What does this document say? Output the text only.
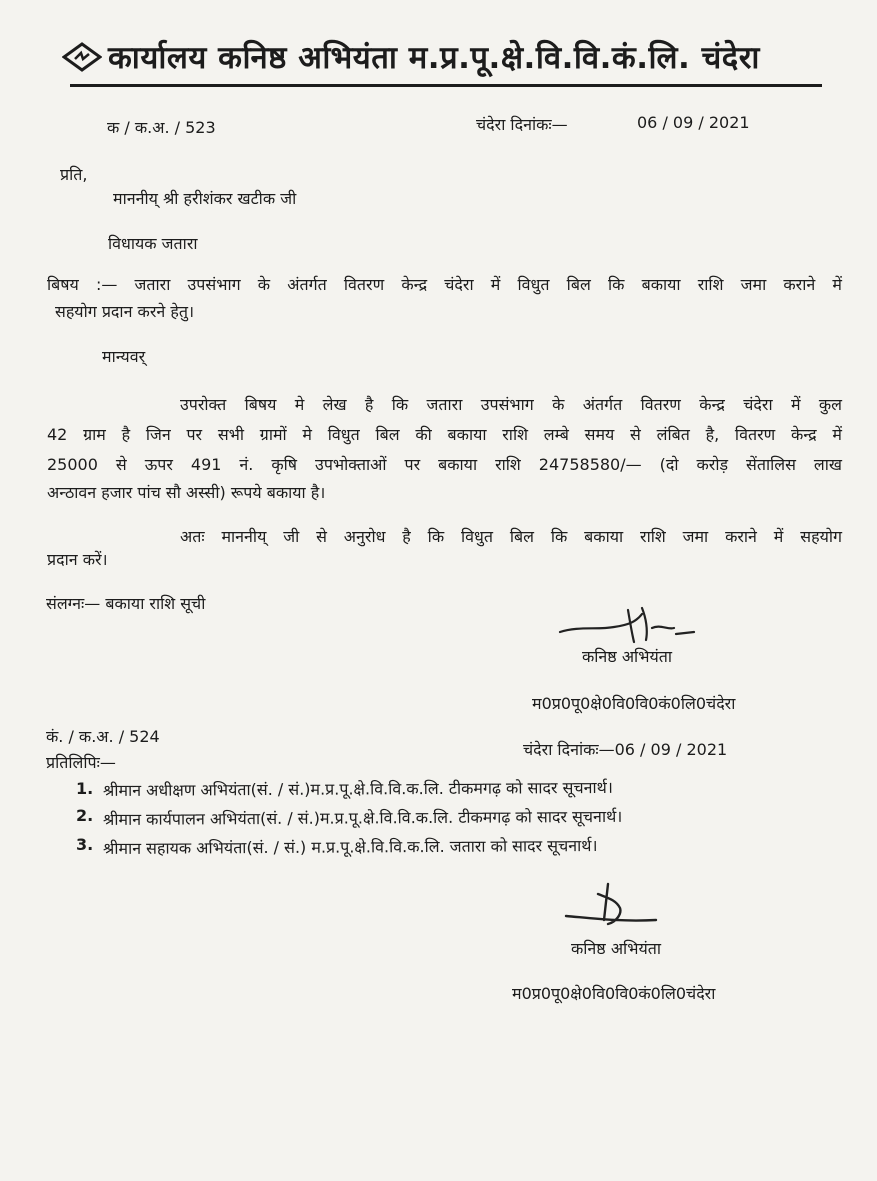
कार्यालय कनिष्ठ अभियंता म.प्र.पू.क्षे.वि.वि.कं.लि. चंदेरा
क / क.अ. / 523	चंदेरा दिनांकः—	06 / 09 / 2021
प्रति,
माननीय् श्री हरीशंकर खटीक जी
विधायक जतारा
बिषय :— जतारा उपसंभाग के अंतर्गत वितरण केन्द्र चंदेरा में विधुत बिल कि बकाया राशि जमा कराने में
सहयोग प्रदान करने हेतु।
मान्यवर्
उपरोक्त बिषय मे लेख है कि जतारा उपसंभाग के अंतर्गत वितरण केन्द्र चंदेरा में कुल
42 ग्राम है जिन पर सभी ग्रामों मे विधुत बिल की बकाया राशि लम्बे समय से लंबित है, वितरण केन्द्र में
25000 से ऊपर 491 नं. कृषि उपभोक्ताओं पर बकाया राशि 24758580/— (दो करोड़ सेंतालिस लाख
अन्ठावन हजार पांच सौ अस्सी) रूपये बकाया है।
अतः माननीय् जी से अनुरोध है कि विधुत बिल कि बकाया राशि जमा कराने में सहयोग
प्रदान करें।
संलग्नः— बकाया राशि सूची
कनिष्ठ अभियंता
म0प्र0पू0क्षे0वि0वि0कं0लि0चंदेरा
कं. / क.अ. / 524
चंदेरा दिनांकः—06 / 09 / 2021
प्रतिलिपिः—
1. श्रीमान अधीक्षण अभियंता(सं. / सं.)म.प्र.पू.क्षे.वि.वि.क.लि. टीकमगढ़ को सादर सूचनार्थ।
2. श्रीमान कार्यपालन अभियंता(सं. / सं.)म.प्र.पू.क्षे.वि.वि.क.लि. टीकमगढ़ को सादर सूचनार्थ।
3. श्रीमान सहायक अभियंता(सं. / सं.) म.प्र.पू.क्षे.वि.वि.क.लि. जतारा को सादर सूचनार्थ।
कनिष्ठ अभियंता
म0प्र0पू0क्षे0वि0वि0कं0लि0चंदेरा
